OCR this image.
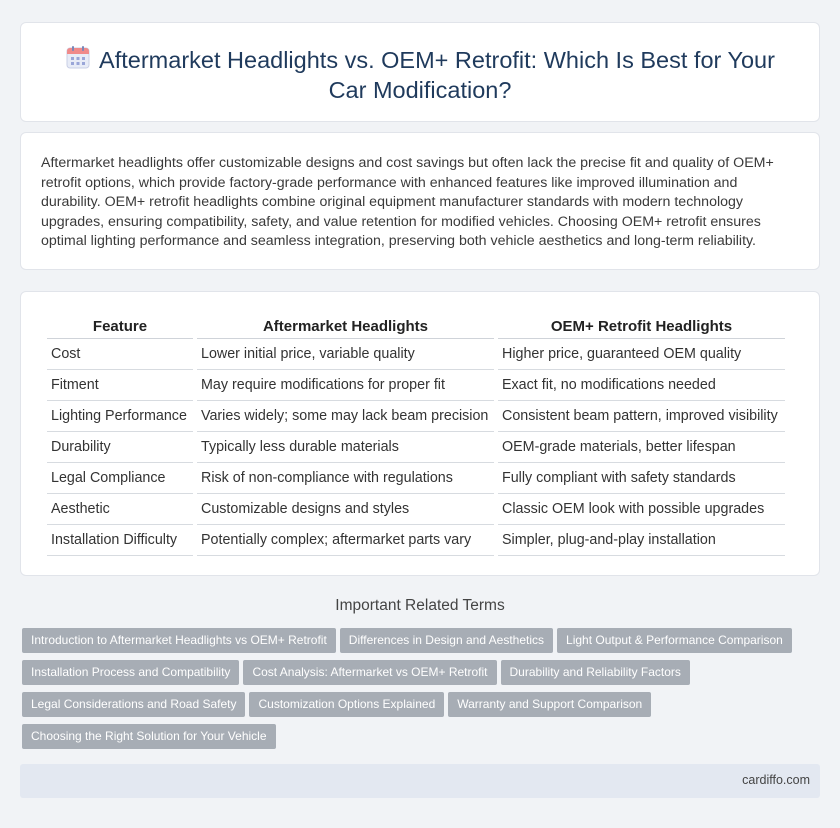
Aftermarket Headlights vs. OEM+ Retrofit: Which Is Best for Your Car Modification?

Aftermarket headlights offer customizable designs and cost savings but often lack the precise fit and quality of OEM+ retrofit options, which provide factory-grade performance with enhanced features like improved illumination and durability. OEM+ retrofit headlights combine original equipment manufacturer standards with modern technology upgrades, ensuring compatibility, safety, and value retention for modified vehicles. Choosing OEM+ retrofit ensures optimal lighting performance and seamless integration, preserving both vehicle aesthetics and long-term reliability.

Feature	Aftermarket Headlights	OEM+ Retrofit Headlights
Cost	Lower initial price, variable quality	Higher price, guaranteed OEM quality
Fitment	May require modifications for proper fit	Exact fit, no modifications needed
Lighting Performance	Varies widely; some may lack beam precision	Consistent beam pattern, improved visibility
Durability	Typically less durable materials	OEM-grade materials, better lifespan
Legal Compliance	Risk of non-compliance with regulations	Fully compliant with safety standards
Aesthetic	Customizable designs and styles	Classic OEM look with possible upgrades
Installation Difficulty	Potentially complex; aftermarket parts vary	Simpler, plug-and-play installation
Important Related Terms
Introduction to Aftermarket Headlights vs OEM+ Retrofit Differences in Design and Aesthetics Light Output & Performance Comparison
Installation Process and Compatibility Cost Analysis: Aftermarket vs OEM+ Retrofit Durability and Reliability Factors
Legal Considerations and Road Safety Customization Options Explained Warranty and Support Comparison
Choosing the Right Solution for Your Vehicle
cardiffo.com
